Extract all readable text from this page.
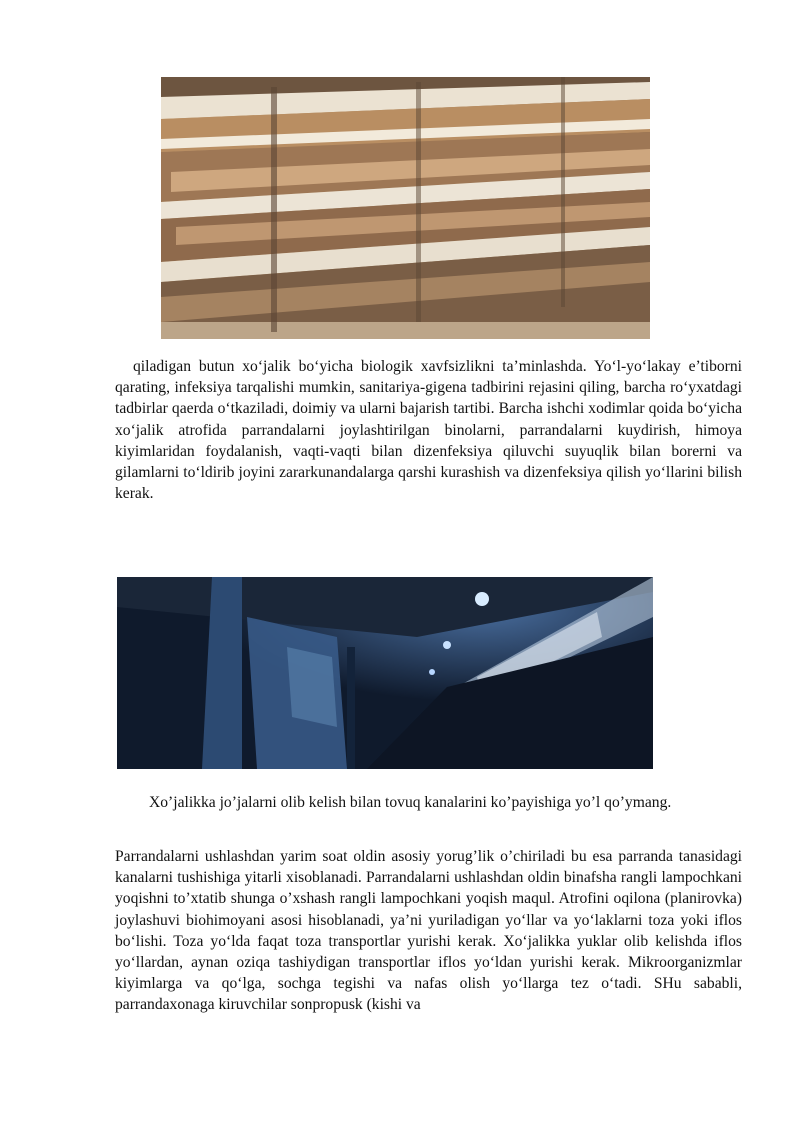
qiladigan butun xo‘jalik bo‘yicha biologik xavfsizlikni ta’minlashda. Yo‘l-yo‘lakay e’tiborni qarating, infeksiya tarqalishi mumkin, sanitariya-gigena tadbirini rejasini qiling, barcha ro‘yxatdagi tadbirlar qaerda o‘tkaziladi, doimiy va ularni bajarish tartibi. Barcha ishchi xodimlar qoida bo‘yicha xo‘jalik atrofida parrandalarni joylashtirilgan binolarni, parrandalarni kuydirish, himoya kiyimlaridan foydalanish, vaqti-vaqti bilan dizenfeksiya qiluvchi suyuqlik bilan borerni va gilamlarni to‘ldirib joyini zararkunandalarga qarshi kurashish va dizenfeksiya qilish yo‘llarini bilish kerak.

Xo’jalikka jo’jalarni olib kelish bilan tovuq kanalarini ko’payishiga yo’l qo’ymang.

Parrandalarni ushlashdan yarim soat oldin asosiy yorug’lik o’chiriladi bu esa parranda tanasidagi kanalarni tushishiga yitarli xisoblanadi. Parrandalarni ushlashdan oldin binafsha rangli lampochkani yoqishni to’xtatib shunga o’xshash rangli lampochkani yoqish maqul. Atrofini oqilona (planirovka) joylashuvi biohimoyani asosi hisoblanadi, ya’ni yuriladigan yo‘llar va yo‘laklarni toza yoki iflos bo‘lishi. Toza yo‘lda faqat toza transportlar yurishi kerak. Xo‘jalikka yuklar olib kelishda iflos yo‘llardan, aynan oziqa tashiydigan transportlar iflos yo‘ldan yurishi kerak. Mikroorganizmlar kiyimlarga va qo‘lga, sochga tegishi va nafas olish yo‘llarga tez o‘tadi. SHu sababli, parrandaxonaga kiruvchilar sonpropusk (kishi va
